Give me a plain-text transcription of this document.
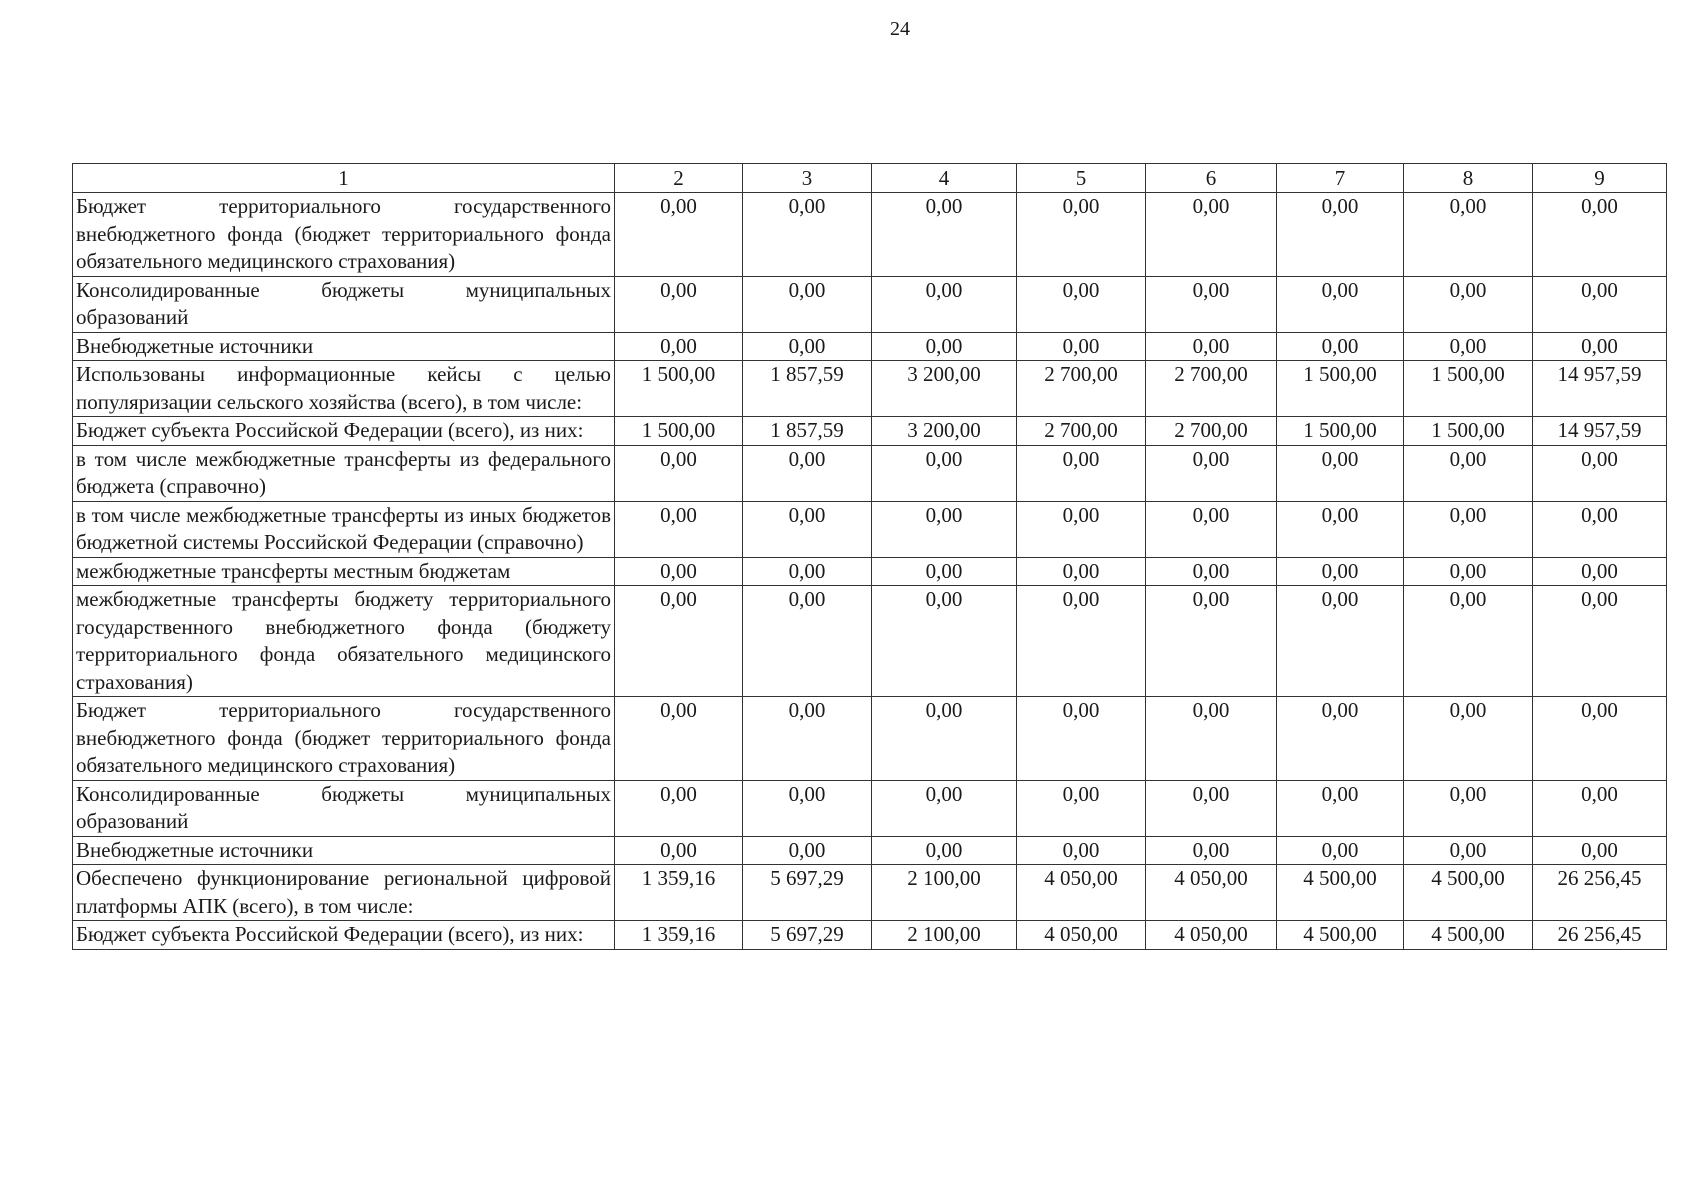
24
1	2	3	4	5	6	7	8	9
Бюджет территориального государственного внебюджетного фонда (бюджет территориального фонда обязательного медицинского страхования)	0,00	0,00	0,00	0,00	0,00	0,00	0,00	0,00
Консолидированные бюджеты муниципальных образований	0,00	0,00	0,00	0,00	0,00	0,00	0,00	0,00
Внебюджетные источники	0,00	0,00	0,00	0,00	0,00	0,00	0,00	0,00
Использованы информационные кейсы с целью популяризации сельского хозяйства (всего), в том числе:	1 500,00	1 857,59	3 200,00	2 700,00	2 700,00	1 500,00	1 500,00	14 957,59
Бюджет субъекта Российской Федерации (всего), из них:	1 500,00	1 857,59	3 200,00	2 700,00	2 700,00	1 500,00	1 500,00	14 957,59
в том числе межбюджетные трансферты из федерального бюджета (справочно)	0,00	0,00	0,00	0,00	0,00	0,00	0,00	0,00
в том числе межбюджетные трансферты из иных бюджетов бюджетной системы Российской Федерации (справочно)	0,00	0,00	0,00	0,00	0,00	0,00	0,00	0,00
межбюджетные трансферты местным бюджетам	0,00	0,00	0,00	0,00	0,00	0,00	0,00	0,00
межбюджетные трансферты бюджету территориального государственного внебюджетного фонда (бюджету территориального фонда обязательного медицинского страхования)	0,00	0,00	0,00	0,00	0,00	0,00	0,00	0,00
Бюджет территориального государственного внебюджетного фонда (бюджет территориального фонда обязательного медицинского страхования)	0,00	0,00	0,00	0,00	0,00	0,00	0,00	0,00
Консолидированные бюджеты муниципальных образований	0,00	0,00	0,00	0,00	0,00	0,00	0,00	0,00
Внебюджетные источники	0,00	0,00	0,00	0,00	0,00	0,00	0,00	0,00
Обеспечено функционирование региональной цифровой платформы АПК (всего), в том числе:	1 359,16	5 697,29	2 100,00	4 050,00	4 050,00	4 500,00	4 500,00	26 256,45
Бюджет субъекта Российской Федерации (всего), из них:	1 359,16	5 697,29	2 100,00	4 050,00	4 050,00	4 500,00	4 500,00	26 256,45
